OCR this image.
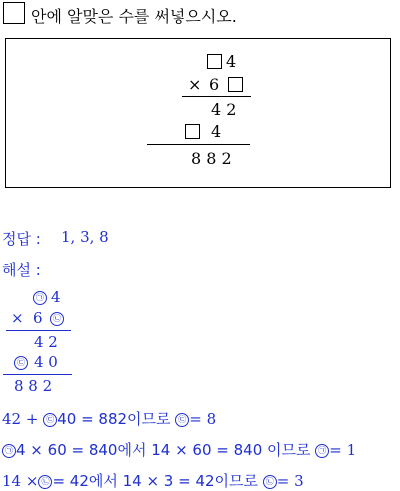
안에 알맞은 수를 써넣으시오.
4
× 6
4 2
4
8 8 2
정답 : 1, 3, 8
해설 :
㉠ 4
× 6	㉡
4 2
㉢ 4 0
8 8 2
42 + ㉢ 40 = 882이므로 ㉢ = 8
㉠ 4 × 60 = 840에서 14 × 60 = 840 이므로 ㉠ = 1
14 × ㉡ = 42에서 14 × 3 = 42이므로 ㉡ = 3
